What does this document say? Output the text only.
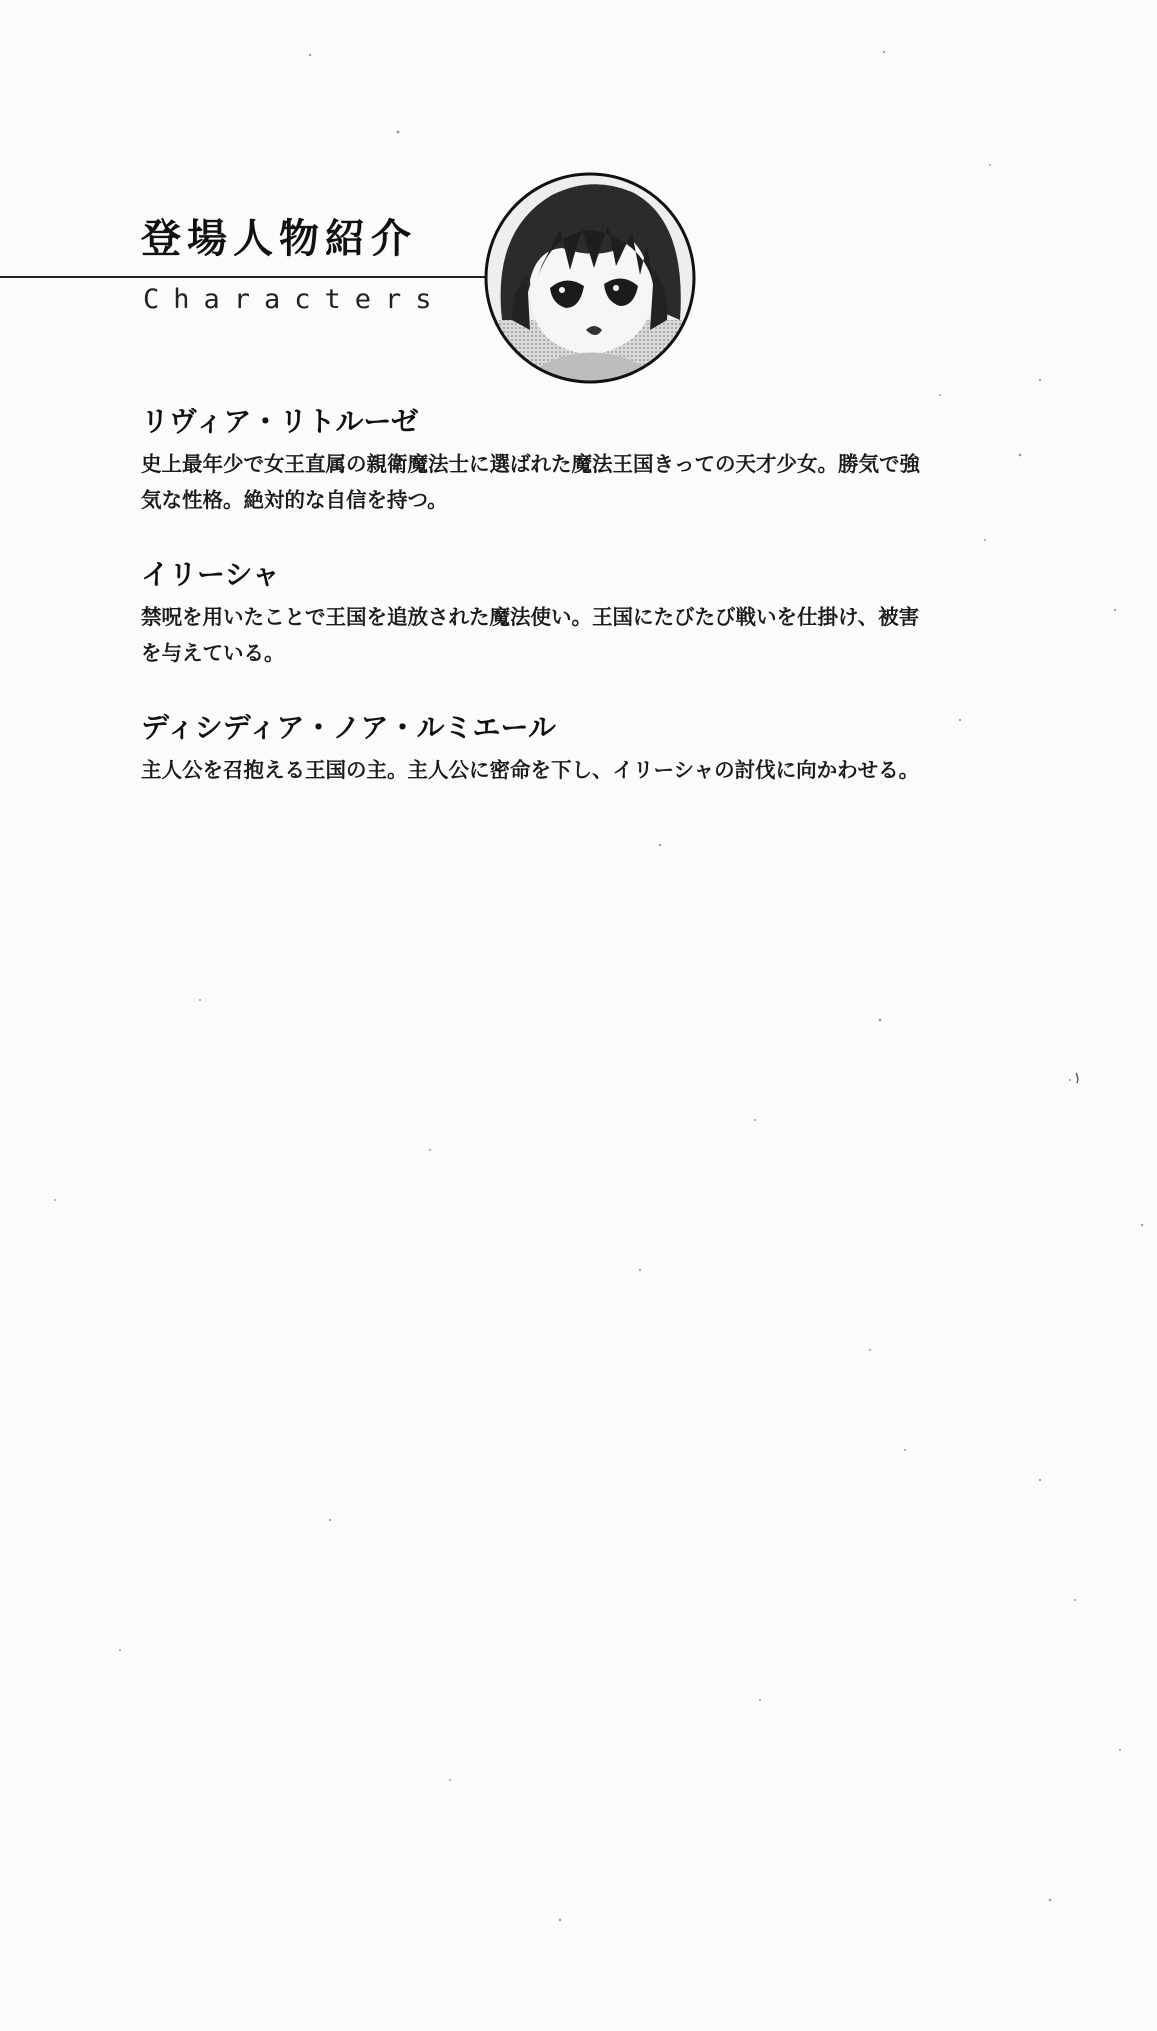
登場人物紹介
Characters
リヴィア・リトルーゼ
史上最年少で女王直属の親衛魔法士に選ばれた魔法王国きっての天才少女。勝気で強気な性格。絶対的な自信を持つ。
イリーシャ
禁呪を用いたことで王国を追放された魔法使い。王国にたびたび戦いを仕掛け、被害を与えている。
ディシディア・ノア・ルミエール
主人公を召抱える王国の主。主人公に密命を下し、イリーシャの討伐に向かわせる。
